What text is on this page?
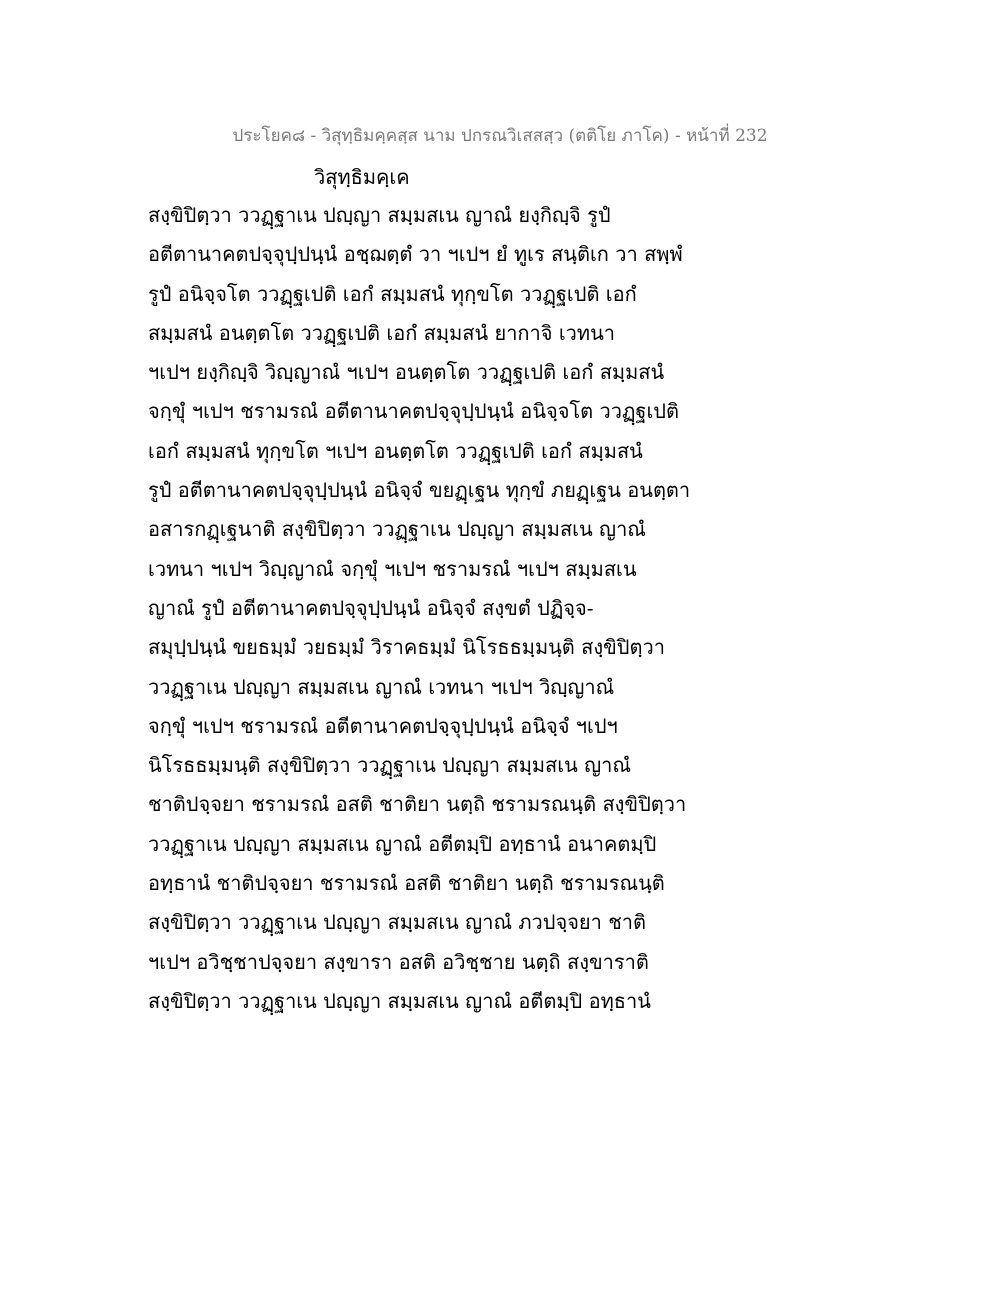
ประโยค๘ - วิสุทฺธิมคฺคสฺส นาม ปกรณวิเสสสฺว (ตติโย ภาโค) - หน้าที่ 232
วิสุทฺธิมคฺเค
สงฺขิปิตฺวา ววฏฺฐาเน ปญฺญา สมฺมสเน ญาณํ ยงฺกิญฺจิ รูปํ
อตีตานาคตปจฺจุปฺปนฺนํ อชฺฌตฺตํ วา ฯเปฯ ยํ ทูเร สนฺติเก วา สพฺพํ
รูปํ อนิจฺจโต ววฏฺฐเปติ เอกํ สมฺมสนํ ทุกฺขโต ววฏฺฐเปติ เอกํ
สมฺมสนํ อนตฺตโต ววฏฺฐเปติ เอกํ สมฺมสนํ ยากาจิ เวทนา
ฯเปฯ ยงฺกิญฺจิ วิญฺญาณํ ฯเปฯ อนตฺตโต ววฏฺฐเปติ เอกํ สมฺมสนํ
จกฺขุํ ฯเปฯ ชรามรณํ อตีตานาคตปจฺจุปฺปนฺนํ อนิจฺจโต ววฏฺฐเปติ
เอกํ สมฺมสนํ ทุกฺขโต ฯเปฯ อนตฺตโต ววฏฺฐเปติ เอกํ สมฺมสนํ
รูปํ อตีตานาคตปจฺจุปฺปนฺนํ อนิจฺจํ ขยฏฺเฐน ทุกฺขํ ภยฏฺเฐน อนตฺตา
อสารกฏฺเฐนาติ สงฺขิปิตฺวา ววฏฺฐาเน ปญฺญา สมฺมสเน ญาณํ
เวทนา ฯเปฯ วิญฺญาณํ จกฺขุํ ฯเปฯ ชรามรณํ ฯเปฯ สมฺมสเน
ญาณํ รูปํ อตีตานาคตปจฺจุปฺปนฺนํ อนิจฺจํ สงฺขตํ ปฏิจฺจ-
สมุปฺปนฺนํ ขยธมฺมํ วยธมฺมํ วิราคธมฺมํ นิโรธธมฺมนฺติ สงฺขิปิตฺวา
ววฏฺฐาเน ปญฺญา สมฺมสเน ญาณํ เวทนา ฯเปฯ วิญฺญาณํ
จกฺขุํ ฯเปฯ ชรามรณํ อตีตานาคตปจฺจุปฺปนฺนํ อนิจฺจํ ฯเปฯ
นิโรธธมฺมนฺติ สงฺขิปิตฺวา ววฏฺฐาเน ปญฺญา สมฺมสเน ญาณํ
ชาติปจฺจยา ชรามรณํ อสติ ชาติยา นตฺถิ ชรามรณนฺติ สงฺขิปิตฺวา
ววฏฺฐาเน ปญฺญา สมฺมสเน ญาณํ อตีตมฺปิ อทฺธานํ อนาคตมฺปิ
อทฺธานํ ชาติปจฺจยา ชรามรณํ อสติ ชาติยา นตฺถิ ชรามรณนฺติ
สงฺขิปิตฺวา ววฏฺฐาเน ปญฺญา สมฺมสเน ญาณํ ภวปจฺจยา ชาติ
ฯเปฯ อวิชฺชาปจฺจยา สงฺขารา อสติ อวิชฺชาย นตฺถิ สงฺขาราติ
สงฺขิปิตฺวา ววฏฺฐาเน ปญฺญา สมฺมสเน ญาณํ อตีตมฺปิ อทฺธานํ
